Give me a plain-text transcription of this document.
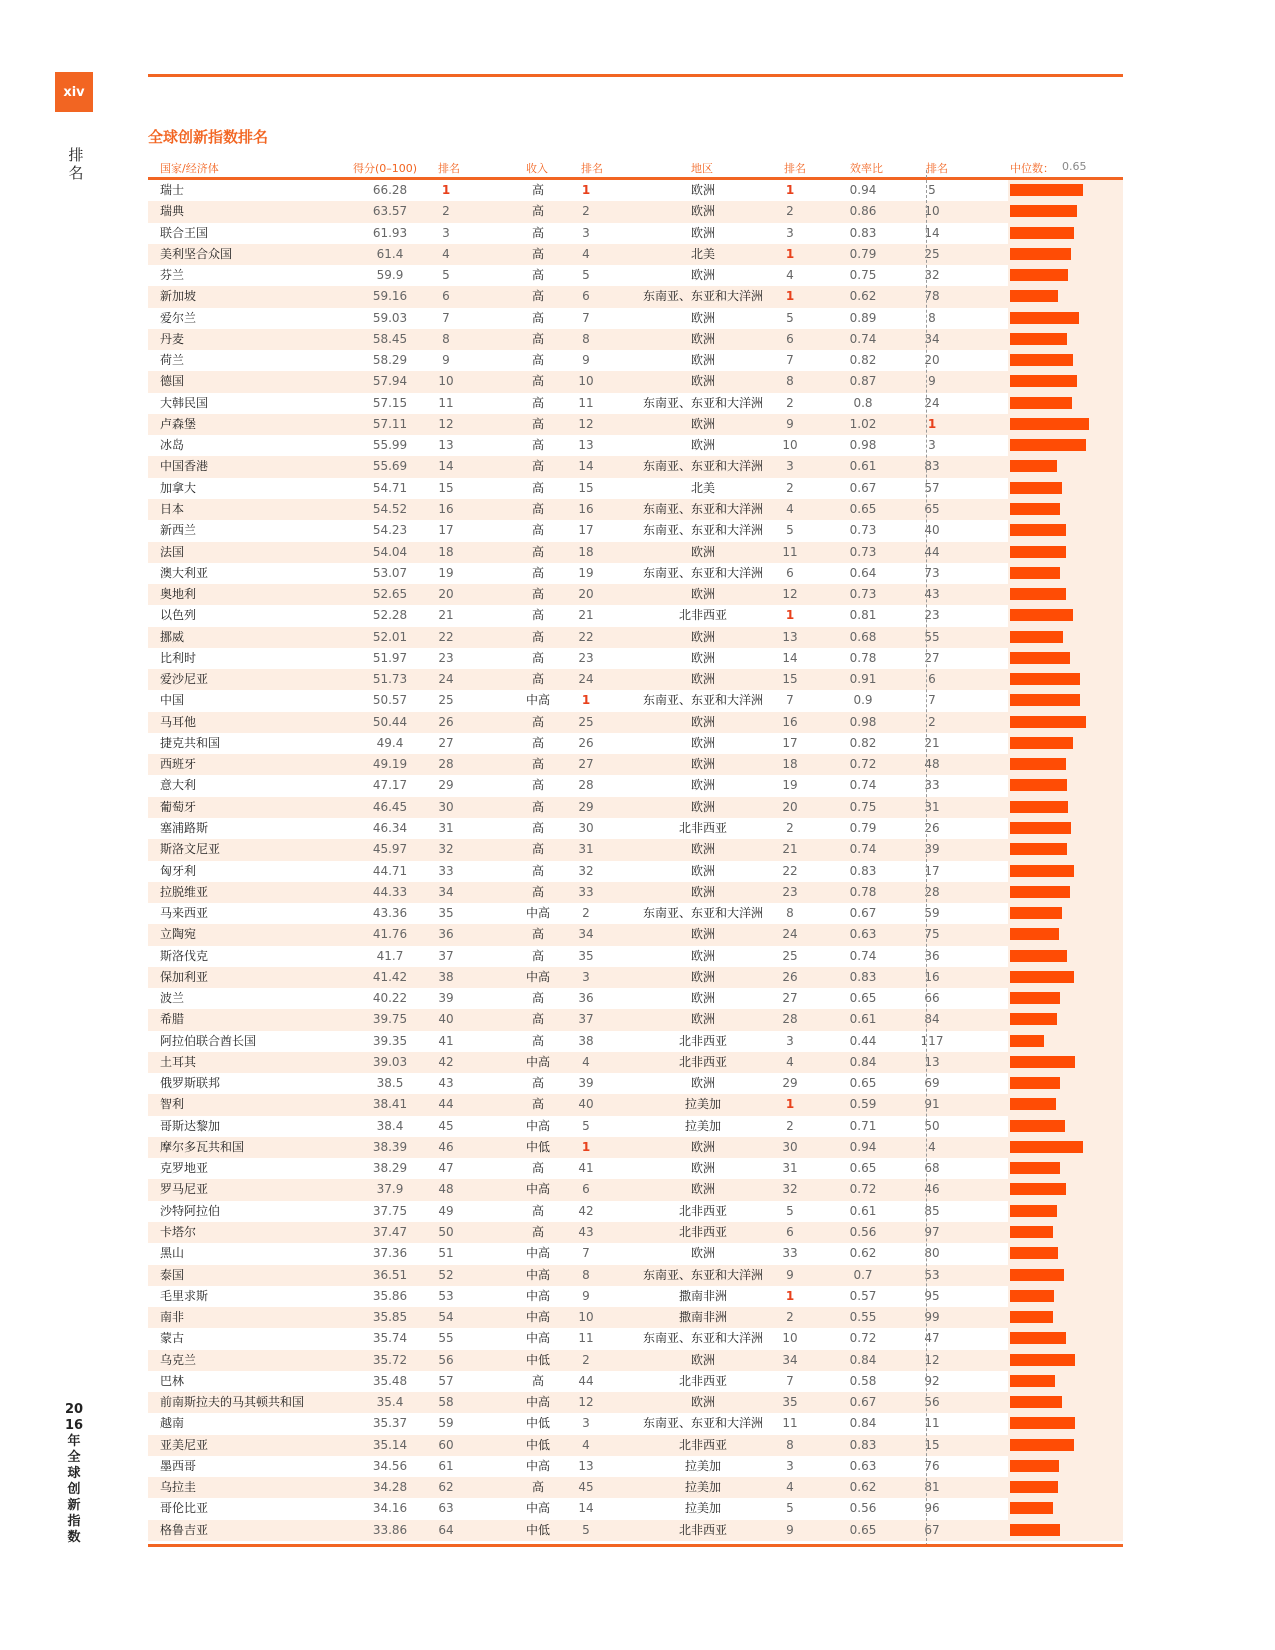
xiv
排名
2016年全球创新指数
全球创新指数排名
国家/经济体	得分(0–100) 排名	收入	排名	地区	排名	效率比	排名	中位数： 0.65
瑞士	66.28	1	高	1	欧洲	1	0.94	5
瑞典	63.57	2	高	2	欧洲	2	0.86	10
联合王国	61.93	3	高	3	欧洲	3	0.83	14
美利坚合众国	61.4	4	高	4	北美	1	0.79	25
芬兰	59.9	5	高	5	欧洲	4	0.75	32
新加坡	59.16	6	高	6	东南亚、东亚和大洋洲	1	0.62	78
爱尔兰	59.03	7	高	7	欧洲	5	0.89	8
丹麦	58.45	8	高	8	欧洲	6	0.74	34
荷兰	58.29	9	高	9	欧洲	7	0.82	20
德国	57.94	10	高	10	欧洲	8	0.87	9
大韩民国	57.15	11	高	11	东南亚、东亚和大洋洲	2	0.8	24
卢森堡	57.11	12	高	12	欧洲	9	1.02	1
冰岛	55.99	13	高	13	欧洲	10	0.98	3
中国香港	55.69	14	高	14	东南亚、东亚和大洋洲	3	0.61	83
加拿大	54.71	15	高	15	北美	2	0.67	57
日本	54.52	16	高	16	东南亚、东亚和大洋洲	4	0.65	65
新西兰	54.23	17	高	17	东南亚、东亚和大洋洲	5	0.73	40
法国	54.04	18	高	18	欧洲	11	0.73	44
澳大利亚	53.07	19	高	19	东南亚、东亚和大洋洲	6	0.64	73
奥地利	52.65	20	高	20	欧洲	12	0.73	43
以色列	52.28	21	高	21	北非西亚	1	0.81	23
挪威	52.01	22	高	22	欧洲	13	0.68	55
比利时	51.97	23	高	23	欧洲	14	0.78	27
爱沙尼亚	51.73	24	高	24	欧洲	15	0.91	6
中国	50.57	25	中高	1	东南亚、东亚和大洋洲	7	0.9	7
马耳他	50.44	26	高	25	欧洲	16	0.98	2
捷克共和国	49.4	27	高	26	欧洲	17	0.82	21
西班牙	49.19	28	高	27	欧洲	18	0.72	48
意大利	47.17	29	高	28	欧洲	19	0.74	33
葡萄牙	46.45	30	高	29	欧洲	20	0.75	31
塞浦路斯	46.34	31	高	30	北非西亚	2	0.79	26
斯洛文尼亚	45.97	32	高	31	欧洲	21	0.74	39
匈牙利	44.71	33	高	32	欧洲	22	0.83	17
拉脱维亚	44.33	34	高	33	欧洲	23	0.78	28
马来西亚	43.36	35	中高	2	东南亚、东亚和大洋洲	8	0.67	59
立陶宛	41.76	36	高	34	欧洲	24	0.63	75
斯洛伐克	41.7	37	高	35	欧洲	25	0.74	36
保加利亚	41.42	38	中高	3	欧洲	26	0.83	16
波兰	40.22	39	高	36	欧洲	27	0.65	66
希腊	39.75	40	高	37	欧洲	28	0.61	84
阿拉伯联合酋长国	39.35	41	高	38	北非西亚	3	0.44	117
土耳其	39.03	42	中高	4	北非西亚	4	0.84	13
俄罗斯联邦	38.5	43	高	39	欧洲	29	0.65	69
智利	38.41	44	高	40	拉美加	1	0.59	91
哥斯达黎加	38.4	45	中高	5	拉美加	2	0.71	50
摩尔多瓦共和国	38.39	46	中低	1	欧洲	30	0.94	4
克罗地亚	38.29	47	高	41	欧洲	31	0.65	68
罗马尼亚	37.9	48	中高	6	欧洲	32	0.72	46
沙特阿拉伯	37.75	49	高	42	北非西亚	5	0.61	85
卡塔尔	37.47	50	高	43	北非西亚	6	0.56	97
黑山	37.36	51	中高	7	欧洲	33	0.62	80
泰国	36.51	52	中高	8	东南亚、东亚和大洋洲	9	0.7	53
毛里求斯	35.86	53	中高	9	撒南非洲	1	0.57	95
南非	35.85	54	中高	10	撒南非洲	2	0.55	99
蒙古	35.74	55	中高	11	东南亚、东亚和大洋洲	10	0.72	47
乌克兰	35.72	56	中低	2	欧洲	34	0.84	12
巴林	35.48	57	高	44	北非西亚	7	0.58	92
前南斯拉夫的马其顿共和国	35.4	58	中高	12	欧洲	35	0.67	56
越南	35.37	59	中低	3	东南亚、东亚和大洋洲	11	0.84	11
亚美尼亚	35.14	60	中低	4	北非西亚	8	0.83	15
墨西哥	34.56	61	中高	13	拉美加	3	0.63	76
乌拉圭	34.28	62	高	45	拉美加	4	0.62	81
哥伦比亚	34.16	63	中高	14	拉美加	5	0.56	96
格鲁吉亚	33.86	64	中低	5	北非西亚	9	0.65	67
